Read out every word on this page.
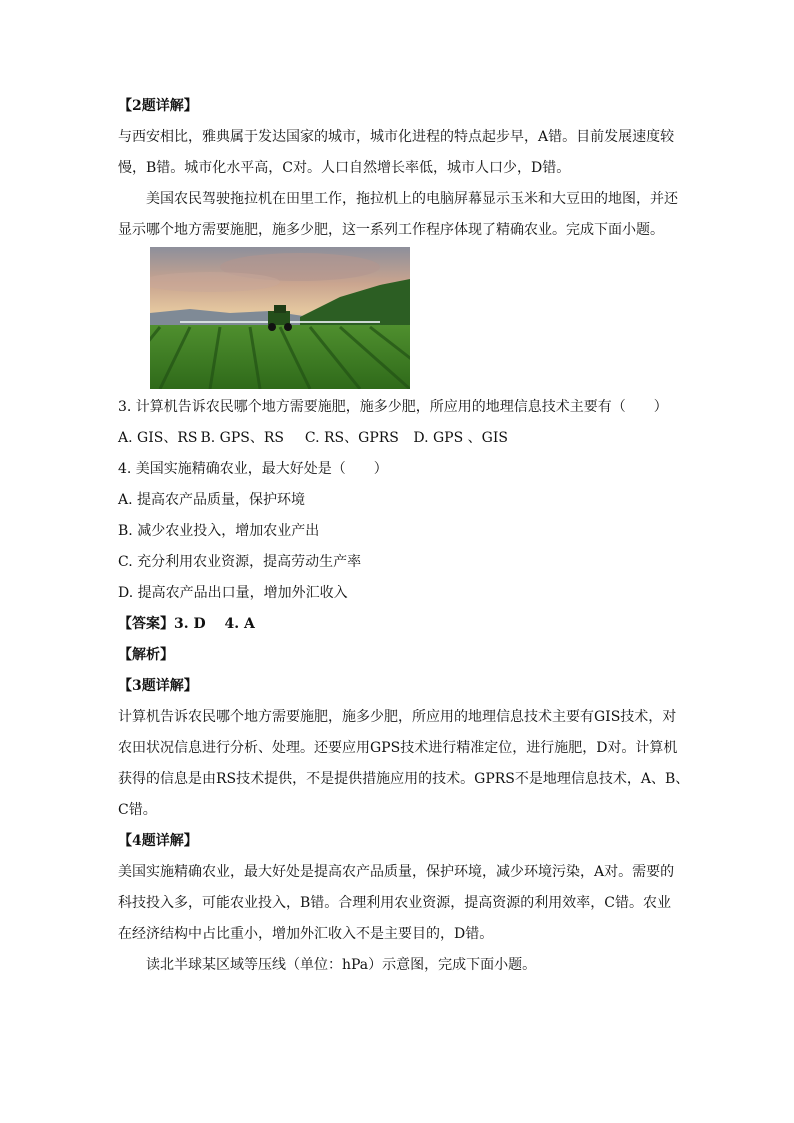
【2题详解】
与西安相比，雅典属于发达国家的城市，城市化进程的特点起步早，A错。目前发展速度较
慢，B错。城市化水平高，C对。人口自然增长率低，城市人口少，D错。
美国农民驾驶拖拉机在田里工作，拖拉机上的电脑屏幕显示玉米和大豆田的地图，并还
显示哪个地方需要施肥，施多少肥，这一系列工作程序体现了精确农业。完成下面小题。
3. 计算机告诉农民哪个地方需要施肥，施多少肥，所应用的地理信息技术主要有（　　）
A. GIS、RS B. GPS、RS C. RS、GPRS D. GPS 、GIS
4. 美国实施精确农业，最大好处是（　　）
A. 提高农产品质量，保护环境
B. 减少农业投入，增加农业产出
C. 充分利用农业资源，提高劳动生产率
D. 提高农产品出口量，增加外汇收入
【答案】3. D　 4. A
【解析】
【3题详解】
计算机告诉农民哪个地方需要施肥，施多少肥，所应用的地理信息技术主要有GIS技术，对
农田状况信息进行分析、处理。还要应用GPS技术进行精准定位，进行施肥，D对。计算机
获得的信息是由RS技术提供，不是提供措施应用的技术。GPRS不是地理信息技术，A、B、
C错。
【4题详解】
美国实施精确农业，最大好处是提高农产品质量，保护环境，减少环境污染，A对。需要的
科技投入多，可能农业投入，B错。合理利用农业资源，提高资源的利用效率，C错。农业
在经济结构中占比重小，增加外汇收入不是主要目的，D错。
读北半球某区域等压线（单位：hPa）示意图，完成下面小题。
